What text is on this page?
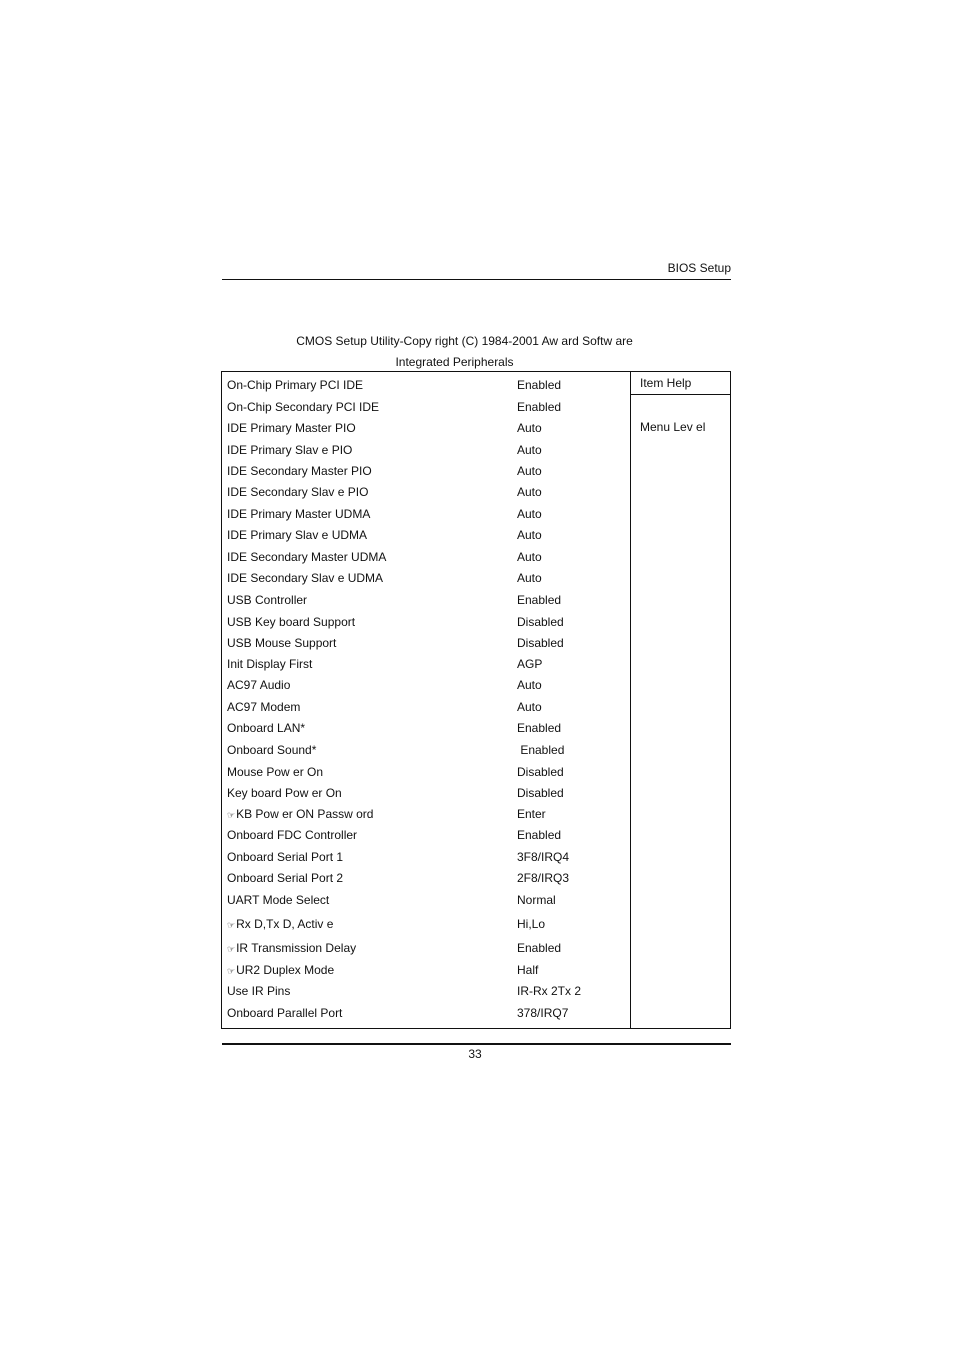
BIOS Setup
CMOS Setup Utility-Copy right (C) 1984-2001 Aw ard Softw are
Integrated Peripherals
On-Chip Primary PCI IDE	Enabled
On-Chip Secondary PCI IDE	Enabled
IDE Primary Master PIO	Auto
IDE Primary Slav e PIO	Auto
IDE Secondary Master PIO	Auto
IDE Secondary Slav e PIO	Auto
IDE Primary Master UDMA	Auto
IDE Primary Slav e UDMA	Auto
IDE Secondary Master UDMA	Auto
IDE Secondary Slav e UDMA	Auto
USB Controller	Enabled
USB Key board Support	Disabled
USB Mouse Support	Disabled
Init Display First	AGP
AC97 Audio	Auto
AC97 Modem	Auto
Onboard LAN*	Enabled
Onboard Sound*	Enabled
Mouse Pow er On	Disabled
Key board Pow er On	Disabled
☞KB Pow er ON Passw ord	Enter
Onboard FDC Controller	Enabled
Onboard Serial Port 1	3F8/IRQ4
Onboard Serial Port 2	2F8/IRQ3
UART Mode Select	Normal
☞Rx D,Tx D, Activ e	Hi,Lo
☞IR Transmission Delay	Enabled
☞UR2 Duplex Mode	Half
Use IR Pins	IR-Rx 2Tx 2
Onboard Parallel Port	378/IRQ7
Item Help
Menu Lev el
33
